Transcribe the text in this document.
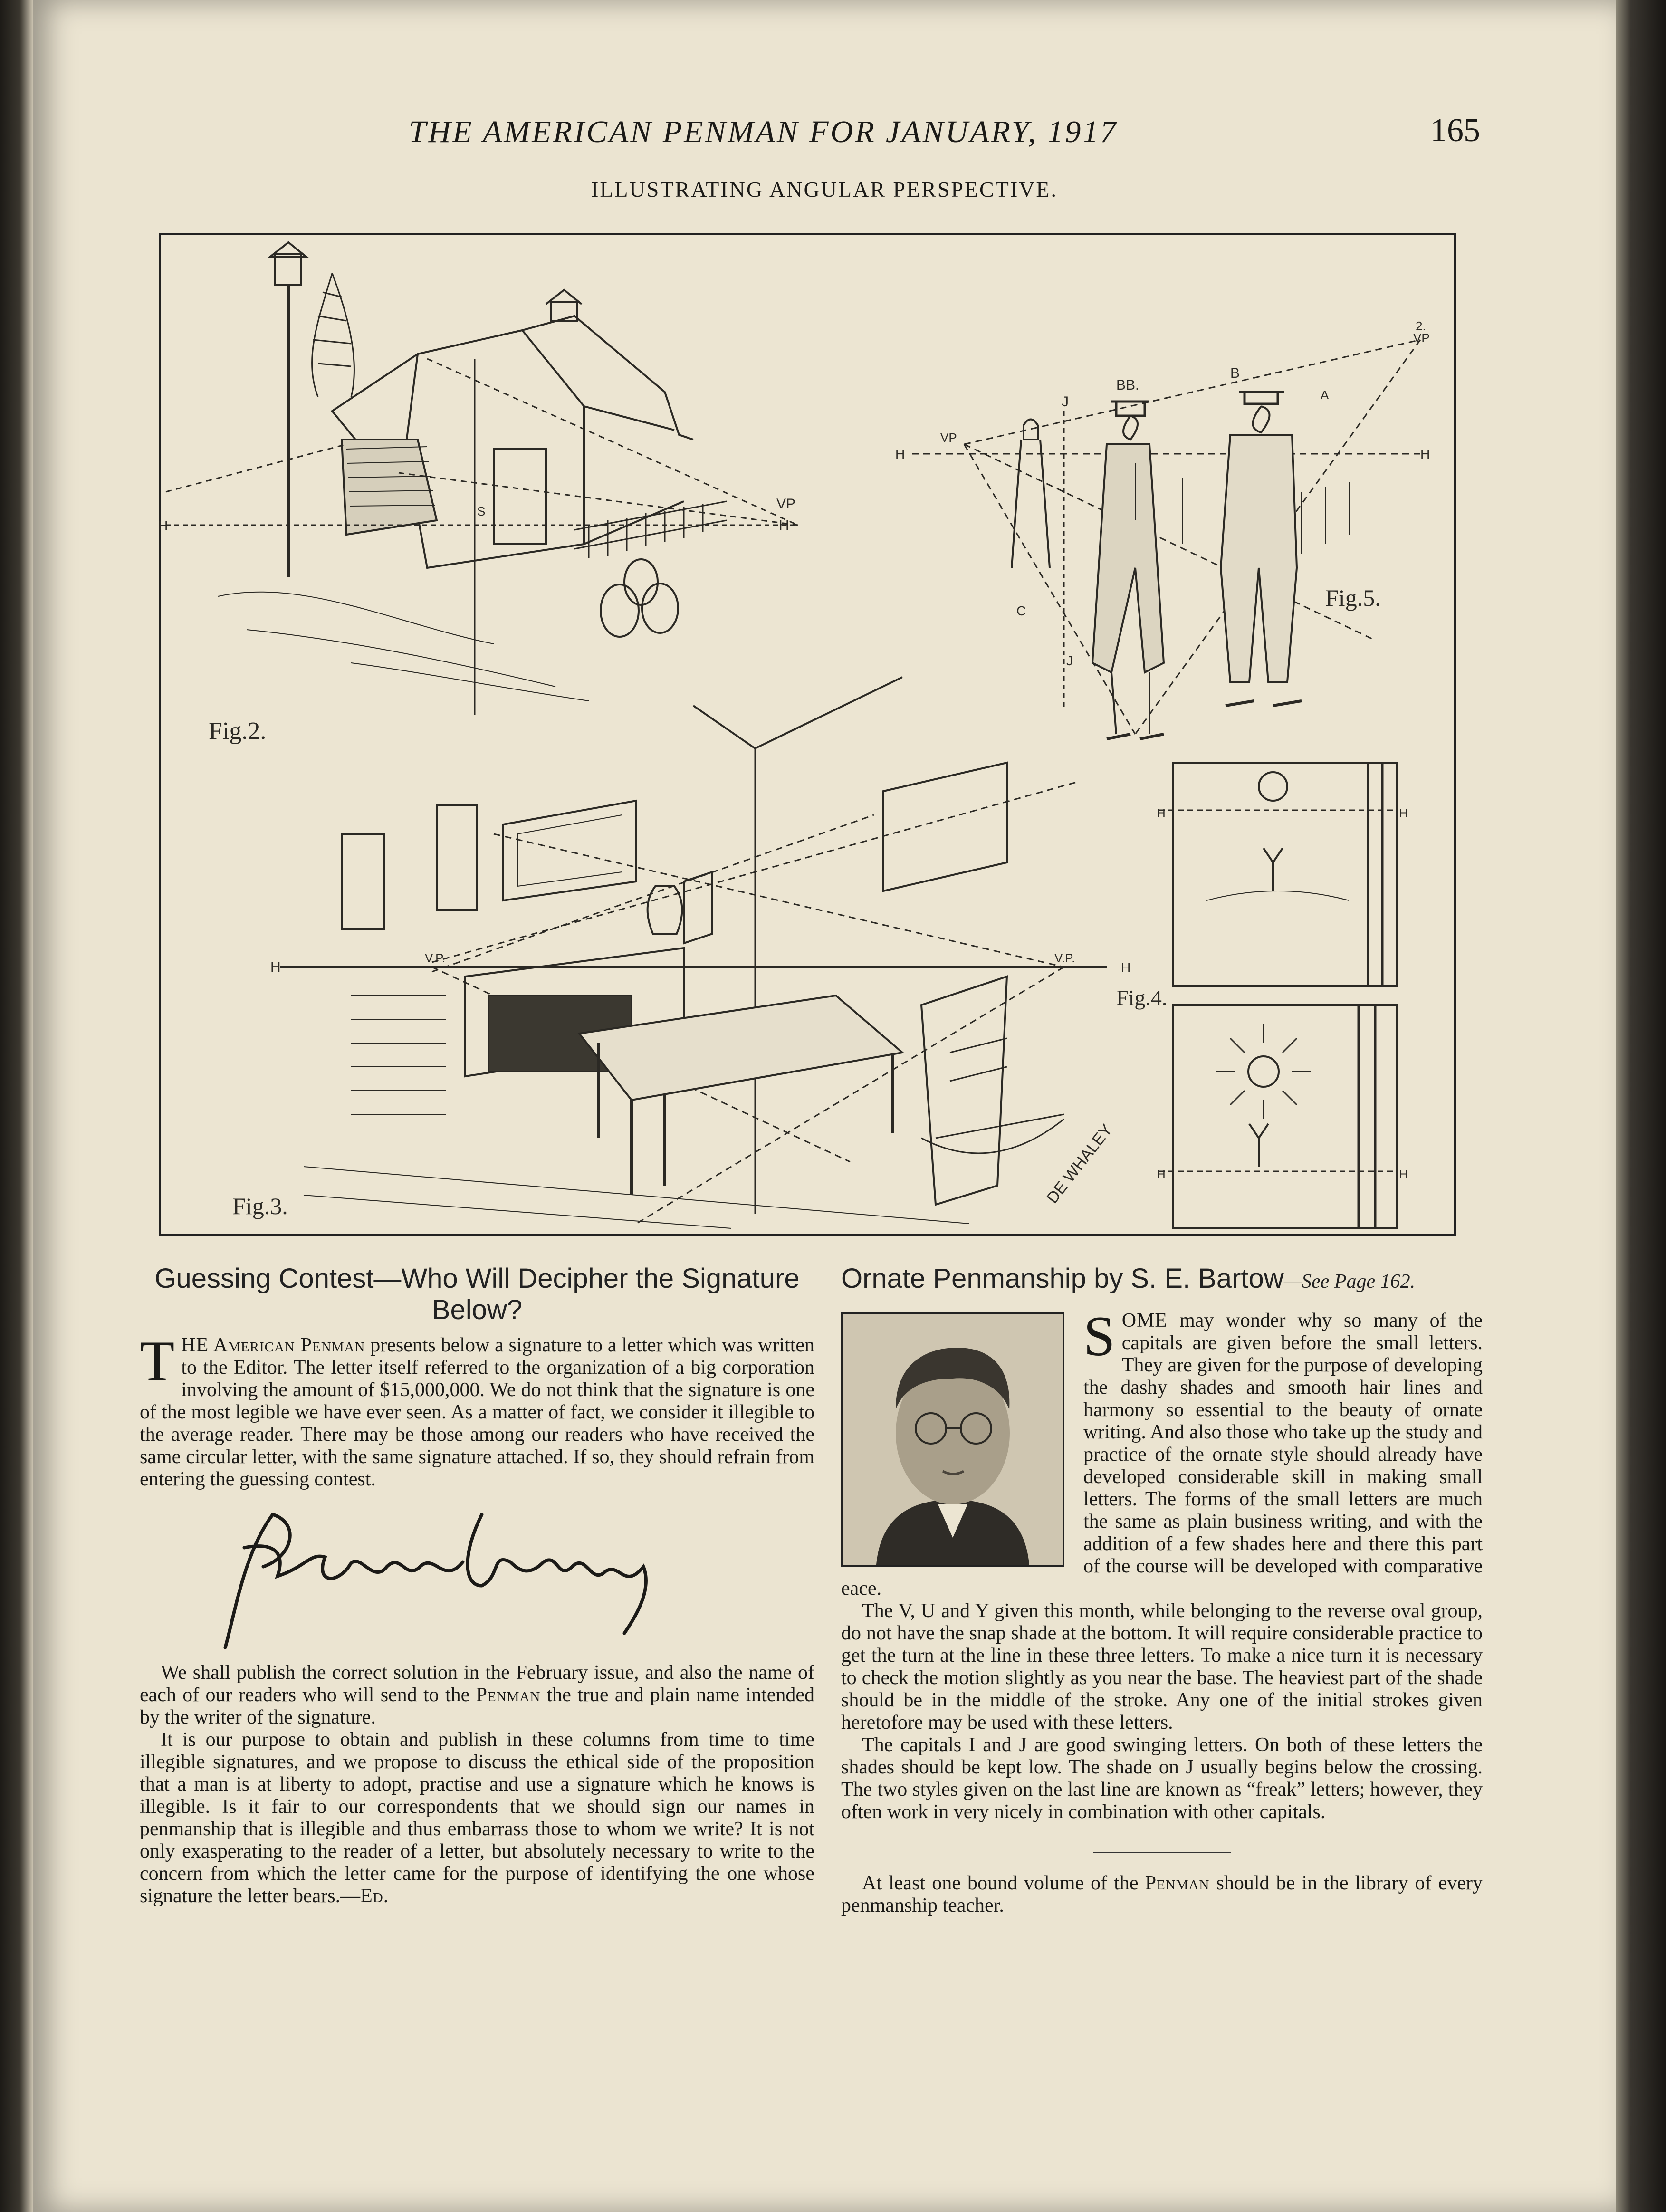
THE AMERICAN PENMAN FOR JANUARY, 1917	165
ILLUSTRATING ANGULAR PERSPECTIVE.
VP
H
H
S
Fig.2.
H	H
VP
2.
VP
J
BB.
B
A
C
J
Fig.5.
H	H
V.P.	V.P.
Fig.3.	DE WHALEY
H	H
H	H
Fig.4.
Guessing Contest—Who Will Decipher the Signature Below?
THE American Penman presents below a signature to a letter which was written to the Editor. The letter itself referred to the organization of a big corporation involving the amount of $15,000,000. We do not think that the signature is one of the most legible we have ever seen. As a matter of fact, we consider it illegible to the average reader. There may be those among our readers who have received the same circular letter, with the same signature attached. If so, they should refrain from entering the guessing contest.

We shall publish the correct solution in the February issue, and also the name of each of our readers who will send to the Penman the true and plain name intended by the writer of the signature.

It is our purpose to obtain and publish in these columns from time to time illegible signatures, and we propose to discuss the ethical side of the proposition that a man is at liberty to adopt, practise and use a signature which he knows is illegible. Is it fair to our correspondents that we should sign our names in penmanship that is illegible and thus embarrass those to whom we write? It is not only exasperating to the reader of a letter, but absolutely necessary to write to the concern from which the letter came for the purpose of identifying the one whose signature the letter bears.—Ed.

Ornate Penmanship by S. E. Bartow—See Page 162.
SOME may wonder why so many of the capitals are given before the small letters. They are given for the purpose of developing the dashy shades and smooth hair lines and harmony so essential to the beauty of ornate writing. And also those who take up the study and practice of the ornate style should already have developed considerable skill in making small letters. The forms of the small letters are much the same as plain business writing, and with the addition of a few shades here and there this part of the course will be developed with comparative eace.

The V, U and Y given this month, while belonging to the reverse oval group, do not have the snap shade at the bottom. It will require considerable practice to get the turn at the line in these three letters. To make a nice turn it is necessary to check the motion slightly as you near the base. The heaviest part of the shade should be in the middle of the stroke. Any one of the initial strokes given heretofore may be used with these letters.

The capitals I and J are good swinging letters. On both of these letters the shades should be kept low. The shade on J usually begins below the crossing. The two styles given on the last line are known as “freak” letters; however, they often work in very nicely in combination with other capitals.

At least one bound volume of the Penman should be in the library of every penmanship teacher.
